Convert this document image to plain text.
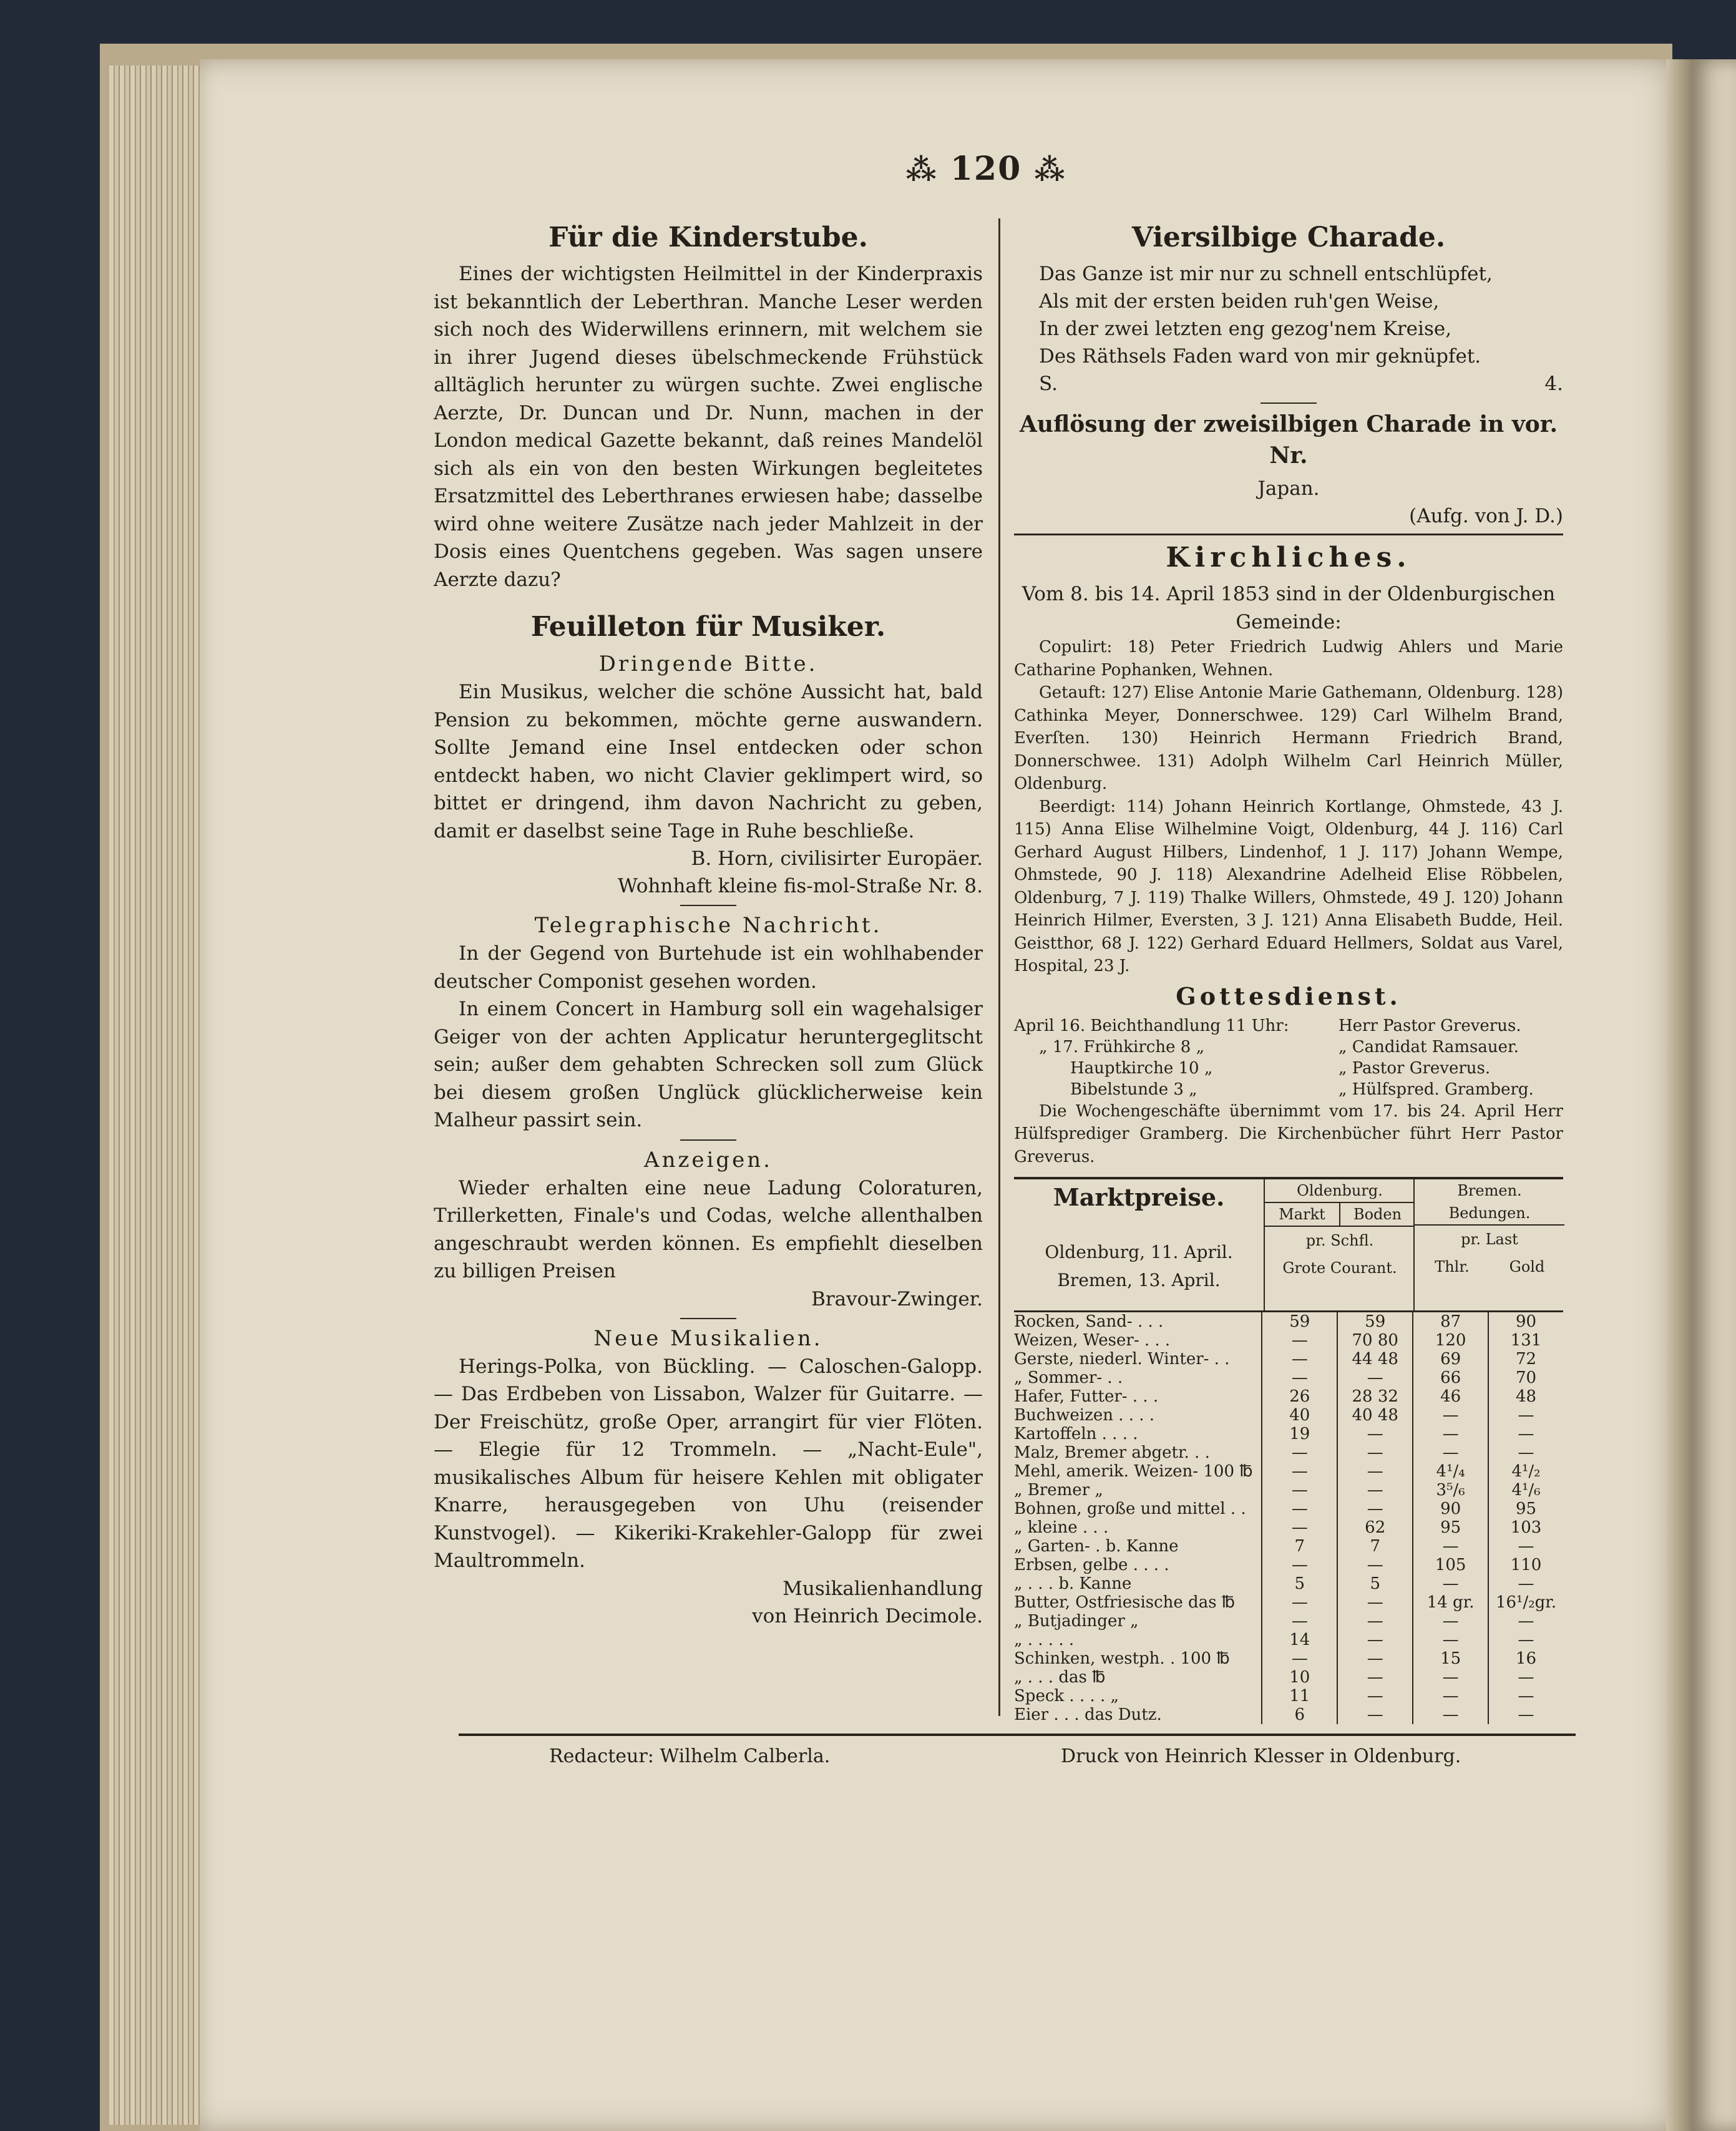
⁂ 120 ⁂
Für die Kinderstube.

Eines der wichtigsten Heilmittel in der Kinderpraxis ist bekanntlich der Leberthran. Manche Leser werden sich noch des Widerwillens erinnern, mit welchem sie in ihrer Jugend dieses übelschmeckende Frühstück alltäglich herunter zu würgen suchte. Zwei englische Aerzte, Dr. Duncan und Dr. Nunn, machen in der London medical Gazette bekannt, daß reines Mandelöl sich als ein von den besten Wirkungen begleitetes Ersatzmittel des Leberthranes erwiesen habe; dasselbe wird ohne weitere Zusätze nach jeder Mahlzeit in der Dosis eines Quentchens gegeben. Was sagen unsere Aerzte dazu?

Feuilleton für Musiker.
Dringende Bitte.

Ein Musikus, welcher die schöne Aussicht hat, bald Pension zu bekommen, möchte gerne auswandern. Sollte Jemand eine Insel entdecken oder schon entdeckt haben, wo nicht Clavier geklimpert wird, so bittet er dringend, ihm davon Nachricht zu geben, damit er daselbst seine Tage in Ruhe beschließe.

B. Horn, civilisirter Europäer.
Wohnhaft kleine fis-mol-Straße Nr. 8.
Telegraphische Nachricht.

In der Gegend von Burtehude ist ein wohlhabender deutscher Componist gesehen worden.

In einem Concert in Hamburg soll ein wagehalsiger Geiger von der achten Applicatur heruntergeglitscht sein; außer dem gehabten Schrecken soll zum Glück bei diesem großen Unglück glücklicherweise kein Malheur passirt sein.

Anzeigen.

Wieder erhalten eine neue Ladung Coloraturen, Trillerketten, Finale's und Codas, welche allenthalben angeschraubt werden können. Es empfiehlt dieselben zu billigen Preisen

Bravour-Zwinger.
Neue Musikalien.

Herings-Polka, von Bückling. — Caloschen-Galopp. — Das Erdbeben von Lissabon, Walzer für Guitarre. — Der Freischütz, große Oper, arrangirt für vier Flöten. — Elegie für 12 Trommeln. — „Nacht-Eule", musikalisches Album für heisere Kehlen mit obligater Knarre, herausgegeben von Uhu (reisender Kunstvogel). — Kikeriki-Krakehler-Galopp für zwei Maultrommeln.

Musikalienhandlung
von Heinrich Decimole.
Viersilbige Charade.
Das Ganze ist mir nur zu schnell entschlüpfet,
Als mit der ersten beiden ruh'gen Weise,
In der zwei letzten eng gezog'nem Kreise,
Des Räthsels Faden ward von mir geknüpfet.
S.	4.
Auflösung der zweisilbigen Charade in vor. Nr.
Japan.
(Aufg. von J. D.)
Kirchliches.

Vom 8. bis 14. April 1853 sind in der Oldenburgischen Gemeinde:

Copulirt: 18) Peter Friedrich Ludwig Ahlers und Marie Catharine Pophanken, Wehnen.

Getauft: 127) Elise Antonie Marie Gathemann, Oldenburg. 128) Cathinka Meyer, Donnerschwee. 129) Carl Wilhelm Brand, Everſten. 130) Heinrich Hermann Friedrich Brand, Donnerschwee. 131) Adolph Wilhelm Carl Heinrich Müller, Oldenburg.

Beerdigt: 114) Johann Heinrich Kortlange, Ohmstede, 43 J. 115) Anna Elise Wilhelmine Voigt, Oldenburg, 44 J. 116) Carl Gerhard August Hilbers, Lindenhof, 1 J. 117) Johann Wempe, Ohmstede, 90 J. 118) Alexandrine Adelheid Elise Röbbelen, Oldenburg, 7 J. 119) Thalke Willers, Ohmstede, 49 J. 120) Johann Heinrich Hilmer, Eversten, 3 J. 121) Anna Elisabeth Budde, Heil. Geistthor, 68 J. 122) Gerhard Eduard Hellmers, Soldat aus Varel, Hospital, 23 J.

Gottesdienst.
April 16. Beichthandlung 11 Uhr:	Herr Pastor Greverus.
„ 17. Frühkirche 8 „	„ Candidat Ramsauer.
Hauptkirche 10 „	„ Pastor Greverus.
Bibelstunde 3 „	„ Hülfspred. Gramberg.

Die Wochengeschäfte übernimmt vom 17. bis 24. April Herr Hülfsprediger Gramberg. Die Kirchenbücher führt Herr Pastor Greverus.

Marktpreise.
Oldenburg, 11. April.
Bremen, 13. April.
Oldenburg.
Markt	Boden
pr. Schfl.
Grote Courant.
Bremen.
Bedungen.
pr. Last
Thlr.	Gold
Rocken, Sand- . . .	59	59	87	90
Weizen, Weser- . . .	—	70 80	120	131
Gerste, niederl. Winter- . .	—	44 48	69	72
„ Sommer- . .	—	—	66	70
Hafer, Futter- . . .	26	28 32	46	48
Buchweizen . . . .	40	40 48	—	—
Kartoffeln . . . .	19	—	—	—
Malz, Bremer abgetr. . .	—	—	—	—
Mehl, amerik. Weizen- 100 ℔	—	—	4¹/₄	4¹/₂
„ Bremer „	—	—	3⁵/₆	4¹/₆
Bohnen, große und mittel . .	—	—	90	95
„ kleine . . .	—	62	95	103
„ Garten- . b. Kanne	7	7	—	—
Erbsen, gelbe . . . .	—	—	105	110
„ . . . b. Kanne	5	5	—	—
Butter, Ostfriesische das ℔	—	—	14 gr.	16¹/₂gr.
„ Butjadinger „	—	—	—	—
„ . . . . .	14	—	—	—
Schinken, westph. . 100 ℔	—	—	15	16
„ . . . das ℔	10	—	—	—
Speck . . . . „	11	—	—	—
Eier . . . das Dutz.	6	—	—	—
Redacteur: Wilhelm Calberla.	Druck von Heinrich Klesser in Oldenburg.
